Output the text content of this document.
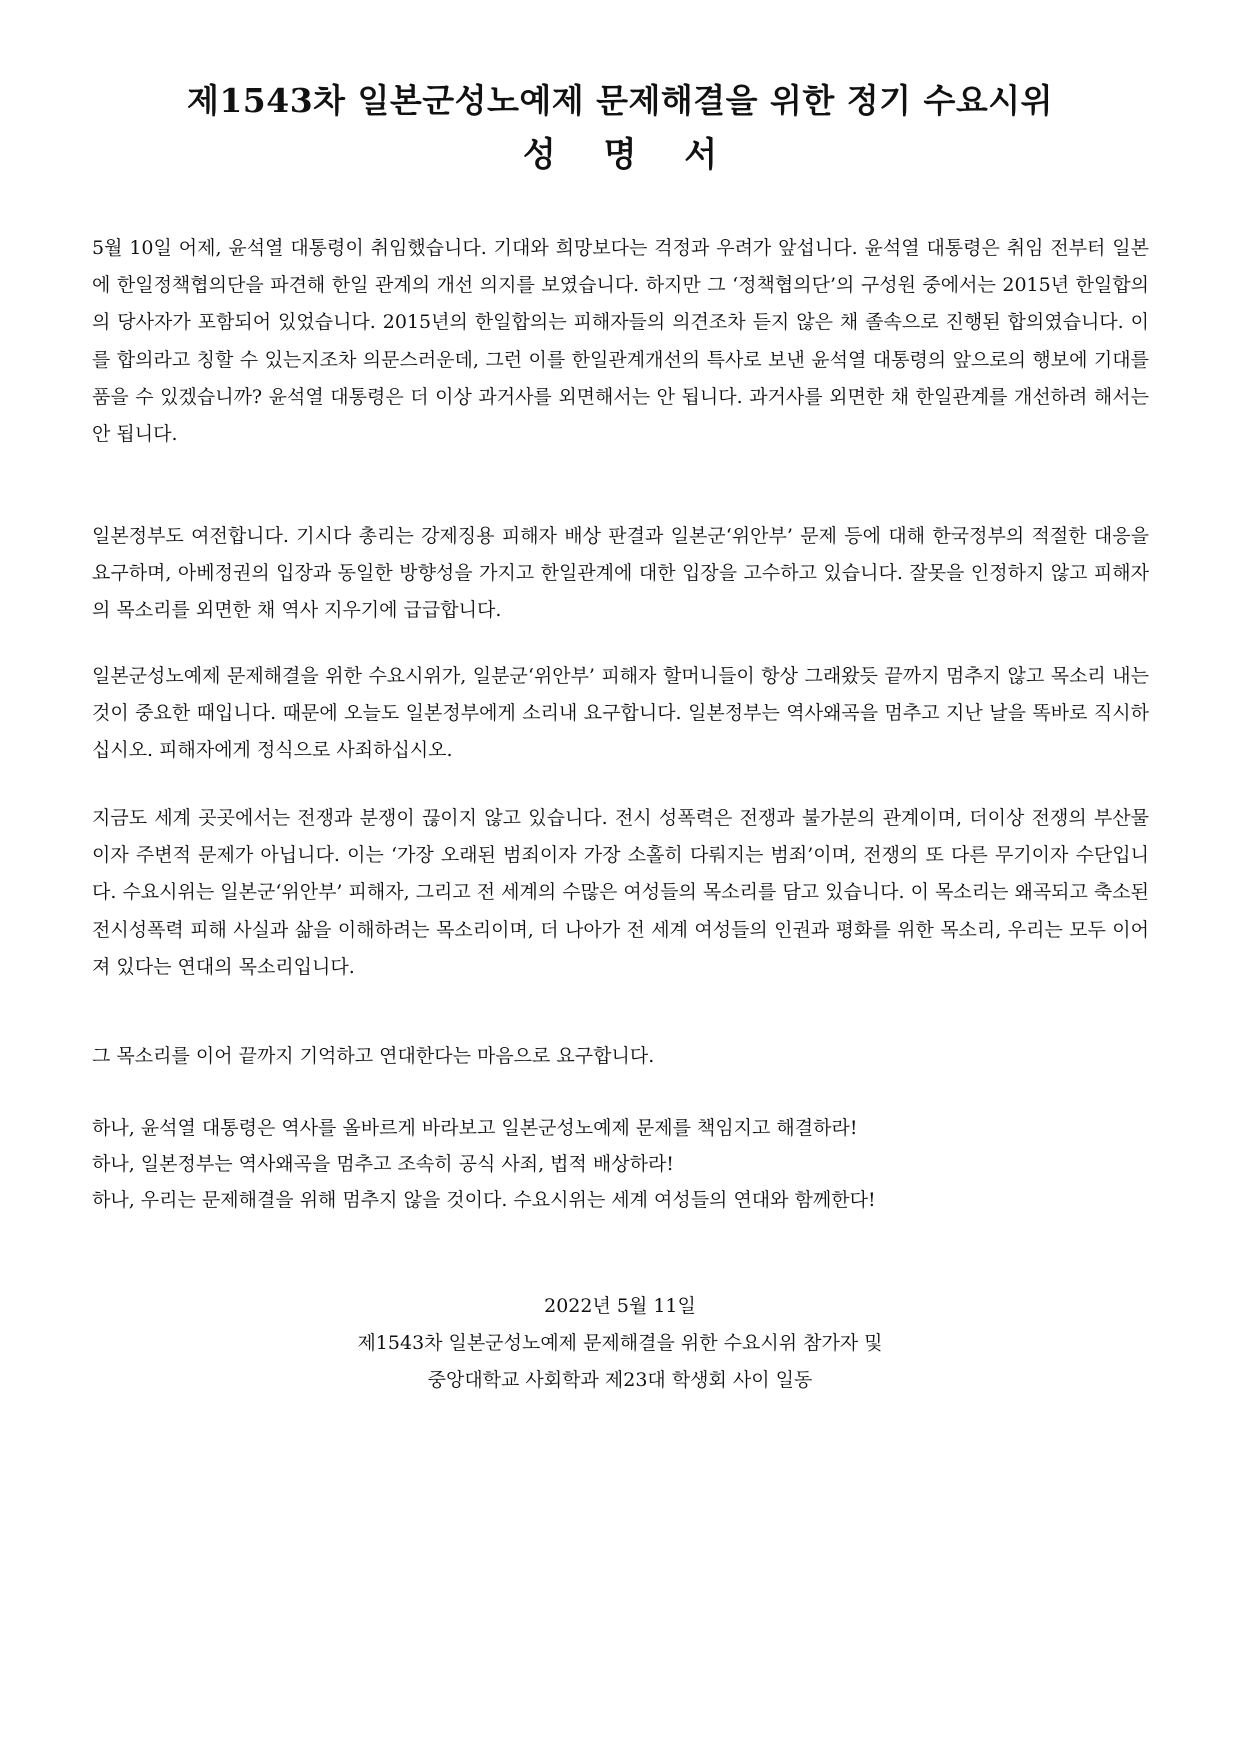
제1543차 일본군성노예제 문제해결을 위한 정기 수요시위
성 명 서

5월 10일 어제, 윤석열 대통령이 취임했습니다. 기대와 희망보다는 걱정과 우려가 앞섭니다. 윤석열 대통령은 취임 전부터 일본에 한일정책협의단을 파견해 한일 관계의 개선 의지를 보였습니다. 하지만 그 ‘정책협의단’의 구성원 중에서는 2015년 한일합의의 당사자가 포함되어 있었습니다. 2015년의 한일합의는 피해자들의 의견조차 듣지 않은 채 졸속으로 진행된 합의였습니다. 이를 합의라고 칭할 수 있는지조차 의문스러운데, 그런 이를 한일관계개선의 특사로 보낸 윤석열 대통령의 앞으로의 행보에 기대를 품을 수 있겠습니까? 윤석열 대통령은 더 이상 과거사를 외면해서는 안 됩니다. 과거사를 외면한 채 한일관계를 개선하려 해서는 안 됩니다.

일본정부도 여전합니다. 기시다 총리는 강제징용 피해자 배상 판결과 일본군‘위안부’ 문제 등에 대해 한국정부의 적절한 대응을 요구하며, 아베정권의 입장과 동일한 방향성을 가지고 한일관계에 대한 입장을 고수하고 있습니다. 잘못을 인정하지 않고 피해자의 목소리를 외면한 채 역사 지우기에 급급합니다.

일본군성노예제 문제해결을 위한 수요시위가, 일분군‘위안부’ 피해자 할머니들이 항상 그래왔듯 끝까지 멈추지 않고 목소리 내는 것이 중요한 때입니다. 때문에 오늘도 일본정부에게 소리내 요구합니다. 일본정부는 역사왜곡을 멈추고 지난 날을 똑바로 직시하십시오. 피해자에게 정식으로 사죄하십시오.

지금도 세계 곳곳에서는 전쟁과 분쟁이 끊이지 않고 있습니다. 전시 성폭력은 전쟁과 불가분의 관계이며, 더이상 전쟁의 부산물이자 주변적 문제가 아닙니다. 이는 ‘가장 오래된 범죄이자 가장 소홀히 다뤄지는 범죄’이며, 전쟁의 또 다른 무기이자 수단입니다. 수요시위는 일본군‘위안부’ 피해자, 그리고 전 세계의 수많은 여성들의 목소리를 담고 있습니다. 이 목소리는 왜곡되고 축소된 전시성폭력 피해 사실과 삶을 이해하려는 목소리이며, 더 나아가 전 세계 여성들의 인권과 평화를 위한 목소리, 우리는 모두 이어져 있다는 연대의 목소리입니다.

그 목소리를 이어 끝까지 기억하고 연대한다는 마음으로 요구합니다.

하나, 윤석열 대통령은 역사를 올바르게 바라보고 일본군성노예제 문제를 책임지고 해결하라!

하나, 일본정부는 역사왜곡을 멈추고 조속히 공식 사죄, 법적 배상하라!

하나, 우리는 문제해결을 위해 멈추지 않을 것이다. 수요시위는 세계 여성들의 연대와 함께한다!

2022년 5월 11일

제1543차 일본군성노예제 문제해결을 위한 수요시위 참가자 및

중앙대학교 사회학과 제23대 학생회 사이 일동
